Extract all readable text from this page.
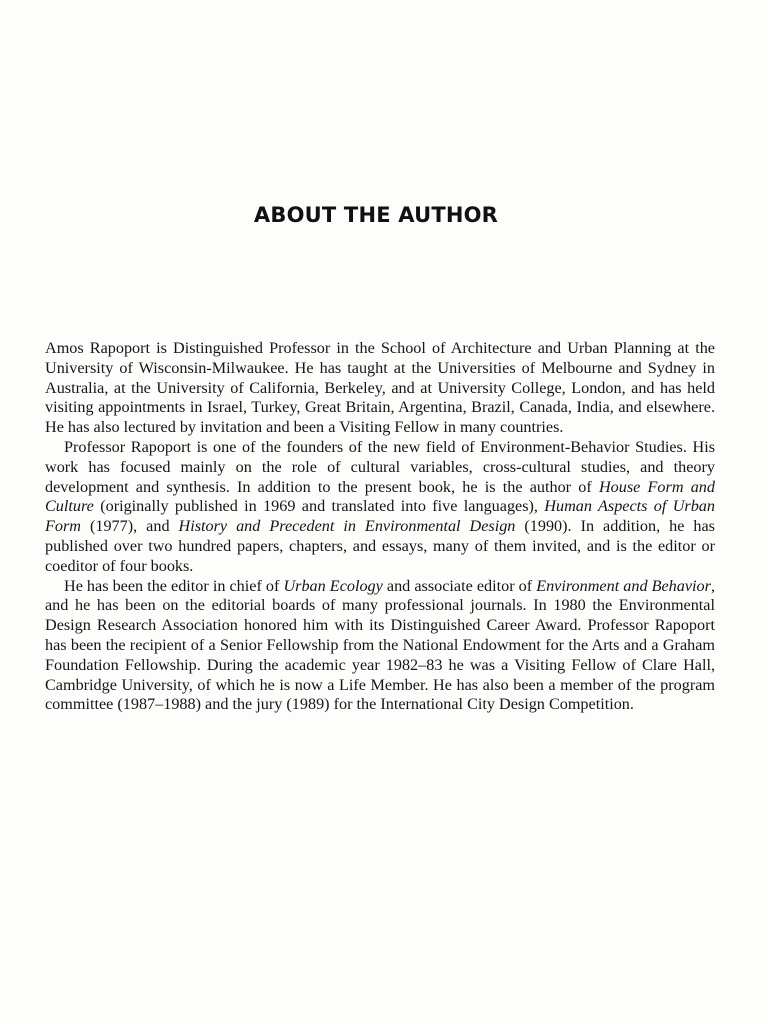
ABOUT THE AUTHOR

Amos Rapoport is Distinguished Professor in the School of Architecture and Urban Planning at the University of Wisconsin-Milwaukee. He has taught at the Universities of Melbourne and Sydney in Australia, at the University of California, Berkeley, and at University College, London, and has held visiting appointments in Israel, Turkey, Great Britain, Argentina, Brazil, Canada, India, and elsewhere. He has also lectured by invitation and been a Visiting Fellow in many countries.

Professor Rapoport is one of the founders of the new field of Environment-Behavior Studies. His work has focused mainly on the role of cultural variables, cross-cultural studies, and theory development and synthesis. In addition to the present book, he is the author of House Form and Culture (originally published in 1969 and translated into five languages), Human Aspects of Urban Form (1977), and History and Precedent in Environmental Design (1990). In addition, he has published over two hundred papers, chapters, and essays, many of them invited, and is the editor or coeditor of four books.

He has been the editor in chief of Urban Ecology and associate editor of Environment and Behavior, and he has been on the editorial boards of many professional journals. In 1980 the Environmental Design Research Association honored him with its Distinguished Career Award. Professor Rapoport has been the recipient of a Senior Fellowship from the National Endowment for the Arts and a Graham Foundation Fellowship. During the academic year 1982–83 he was a Visiting Fellow of Clare Hall, Cambridge University, of which he is now a Life Member. He has also been a member of the program committee (1987–1988) and the jury (1989) for the International City Design Competition.
